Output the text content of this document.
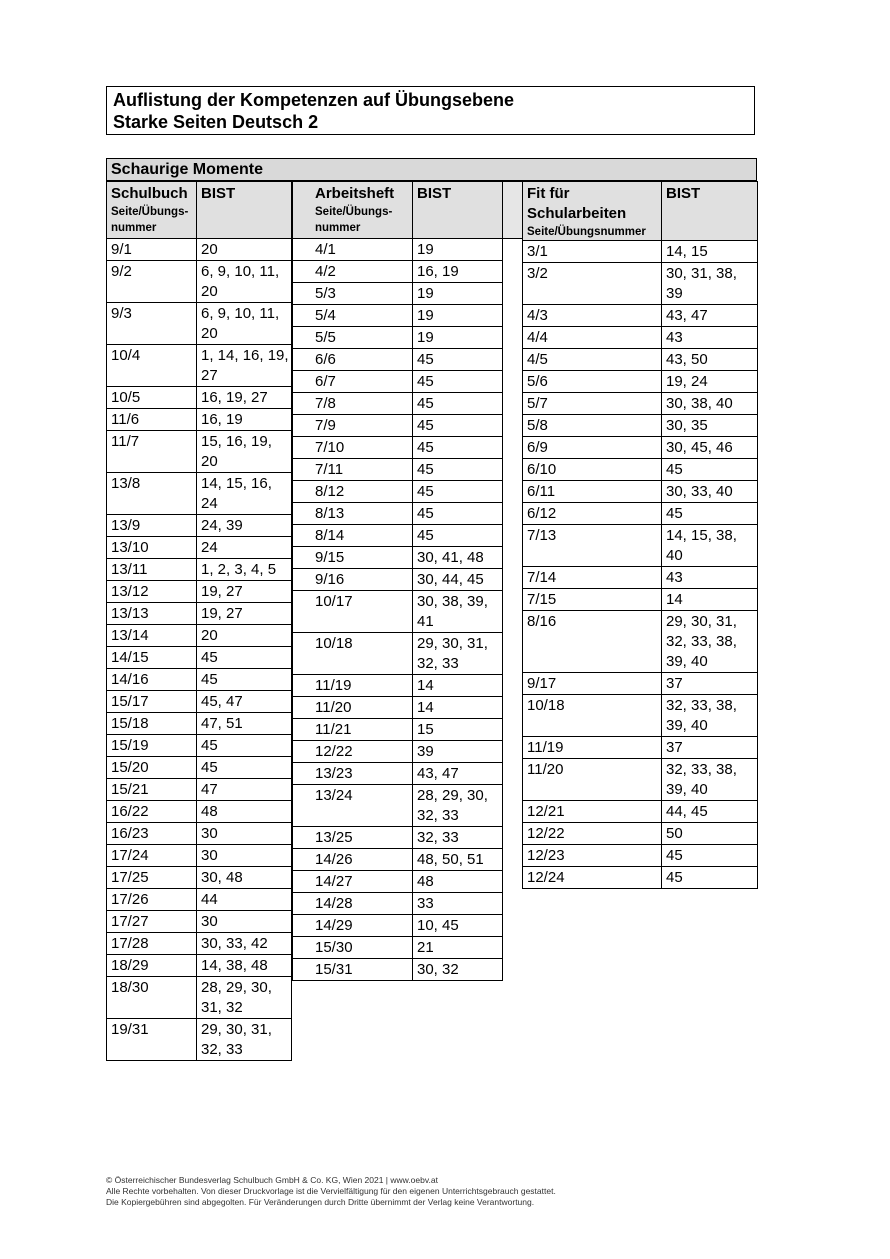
Auflistung der Kompetenzen auf Übungsebene
Starke Seiten Deutsch 2
Schaurige Momente
Schulbuch
Seite/Übungs-nummer	BIST

9/1	20
9/2	6, 9, 10, 11, 20
9/3	6, 9, 10, 11, 20
10/4	1, 14, 16, 19, 27
10/5	16, 19, 27
11/6	16, 19
11/7	15, 16, 19, 20
13/8	14, 15, 16, 24
13/9	24, 39
13/10	24
13/11	1, 2, 3, 4, 5
13/12	19, 27
13/13	19, 27
13/14	20
14/15	45
14/16	45
15/17	45, 47
15/18	47, 51
15/19	45
15/20	45
15/21	47
16/22	48
16/23	30
17/24	30
17/25	30, 48
17/26	44
17/27	30
17/28	30, 33, 42
18/29	14, 38, 48
18/30	28, 29, 30, 31, 32
19/31	29, 30, 31, 32, 33
Arbeitsheft
Seite/Übungs-nummer	BIST

4/1	19
4/2	16, 19
5/3	19
5/4	19
5/5	19
6/6	45
6/7	45
7/8	45
7/9	45
7/10	45
7/11	45
8/12	45
8/13	45
8/14	45
9/15	30, 41, 48
9/16	30, 44, 45
10/17	30, 38, 39, 41
10/18	29, 30, 31, 32, 33
11/19	14
11/20	14
11/21	15
12/22	39
13/23	43, 47
13/24	28, 29, 30, 32, 33
13/25	32, 33
14/26	48, 50, 51
14/27	48
14/28	33
14/29	10, 45
15/30	21
15/31	30, 32
Fit für Schularbeiten
Seite/Übungsnummer	BIST

3/1	14, 15
3/2	30, 31, 38, 39
4/3	43, 47
4/4	43
4/5	43, 50
5/6	19, 24
5/7	30, 38, 40
5/8	30, 35
6/9	30, 45, 46
6/10	45
6/11	30, 33, 40
6/12	45
7/13	14, 15, 38, 40
7/14	43
7/15	14
8/16	29, 30, 31, 32, 33, 38, 39, 40
9/17	37
10/18	32, 33, 38, 39, 40
11/19	37
11/20	32, 33, 38, 39, 40
12/21	44, 45
12/22	50
12/23	45
12/24	45
© Österreichischer Bundesverlag Schulbuch GmbH & Co. KG, Wien 2021 | www.oebv.at
Alle Rechte vorbehalten. Von dieser Druckvorlage ist die Vervielfältigung für den eigenen Unterrichtsgebrauch gestattet.
Die Kopiergebühren sind abgegolten. Für Veränderungen durch Dritte übernimmt der Verlag keine Verantwortung.
